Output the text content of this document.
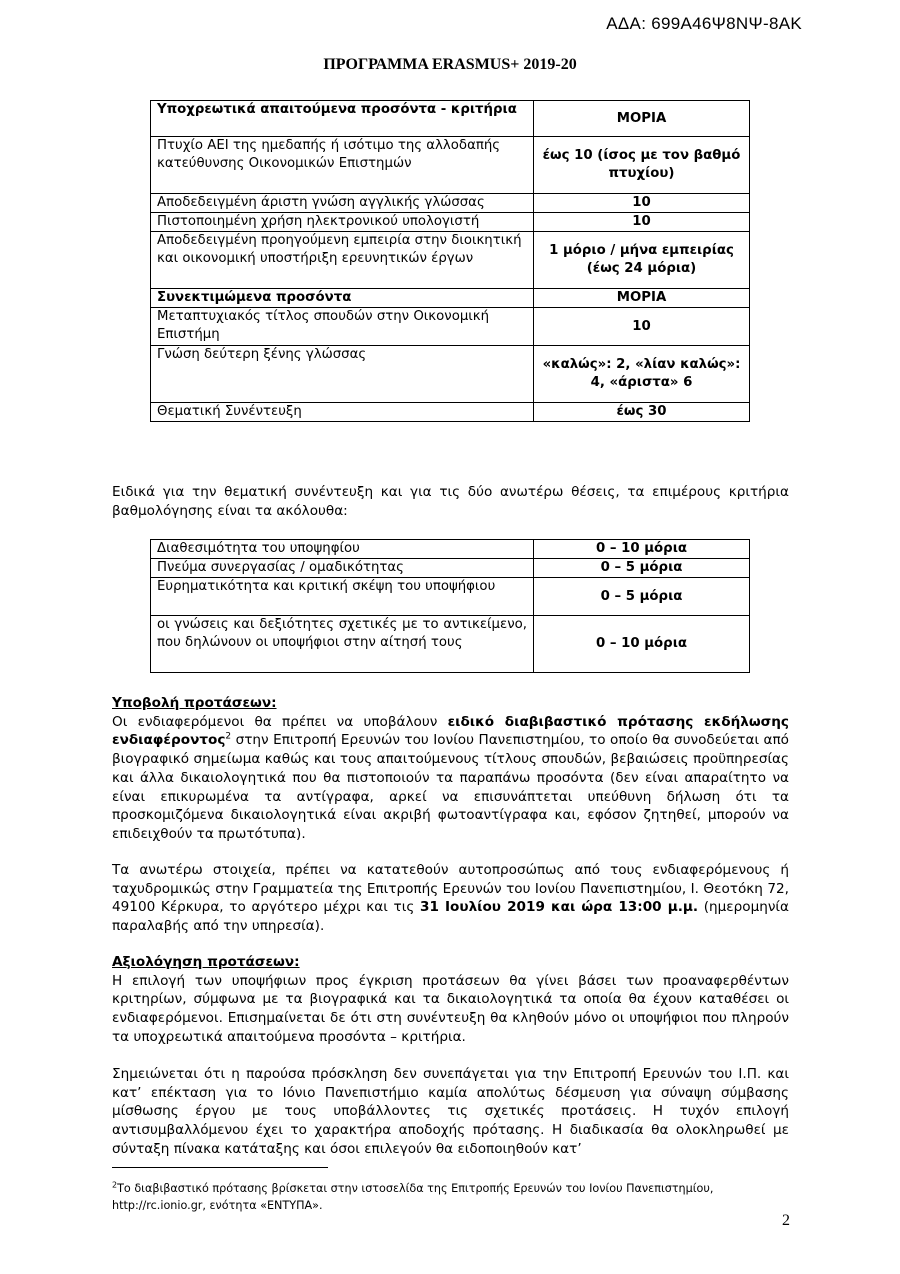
ΑΔΑ: 699Α46Ψ8ΝΨ-8ΑΚ
ΠΡΟΓΡΑΜΜΑ ERASMUS+ 2019-20
Υποχρεωτικά απαιτούμενα προσόντα - κριτήρια	ΜΟΡΙΑ
Πτυχίο ΑΕΙ της ημεδαπής ή ισότιμο της αλλοδαπής κατεύθυνσης Οικονομικών Επιστημών	έως 10 (ίσος με τον βαθμό πτυχίου)
Αποδεδειγμένη άριστη γνώση αγγλικής γλώσσας	10
Πιστοποιημένη χρήση ηλεκτρονικού υπολογιστή	10
Αποδεδειγμένη προηγούμενη εμπειρία στην διοικητική και οικονομική υποστήριξη ερευνητικών έργων	1 μόριο / μήνα εμπειρίας (έως 24 μόρια)
Συνεκτιμώμενα προσόντα	ΜΟΡΙΑ
Μεταπτυχιακός τίτλος σπουδών στην Οικονομική Επιστήμη	10
Γνώση δεύτερη ξένης γλώσσας	«καλώς»: 2, «λίαν καλώς»: 4, «άριστα» 6
Θεματική Συνέντευξη	έως 30
Ειδικά για την θεματική συνέντευξη και για τις δύο ανωτέρω θέσεις, τα επιμέρους κριτήρια βαθμολόγησης είναι τα ακόλουθα:
Διαθεσιμότητα του υποψηφίου	0 – 10 μόρια
Πνεύμα συνεργασίας / ομαδικότητας	0 – 5 μόρια
Ευρηματικότητα και κριτική σκέψη του υποψήφιου	0 – 5 μόρια
οι γνώσεις και δεξιότητες σχετικές με το αντικείμενο, που δηλώνουν οι υποψήφιοι στην αίτησή τους	0 – 10 μόρια
Υποβολή προτάσεων:
Οι ενδιαφερόμενοι θα πρέπει να υποβάλουν ειδικό διαβιβαστικό πρότασης εκδήλωσης ενδιαφέροντος$^2$ στην Επιτροπή Ερευνών του Ιονίου Πανεπιστημίου, το οποίο θα συνοδεύεται από βιογραφικό σημείωμα καθώς και τους απαιτούμενους τίτλους σπουδών, βεβαιώσεις προϋπηρεσίας και άλλα δικαιολογητικά που θα πιστοποιούν τα παραπάνω προσόντα (δεν είναι απαραίτητο να είναι επικυρωμένα τα αντίγραφα, αρκεί να επισυνάπτεται υπεύθυνη δήλωση ότι τα προσκομιζόμενα δικαιολογητικά είναι ακριβή φωτοαντίγραφα και, εφόσον ζητηθεί, μπορούν να επιδειχθούν τα πρωτότυπα).
Τα ανωτέρω στοιχεία, πρέπει να κατατεθούν αυτοπροσώπως από τους ενδιαφερόμενους ή ταχυδρομικώς στην Γραμματεία της Επιτροπής Ερευνών του Ιονίου Πανεπιστημίου, Ι. Θεοτόκη 72, 49100 Κέρκυρα, το αργότερο μέχρι και τις 31 Ιουλίου 2019 και ώρα 13:00 μ.μ. (ημερομηνία παραλαβής από την υπηρεσία).
Αξιολόγηση προτάσεων:
Η επιλογή των υποψήφιων προς έγκριση προτάσεων θα γίνει βάσει των προαναφερθέντων κριτηρίων, σύμφωνα με τα βιογραφικά και τα δικαιολογητικά τα οποία θα έχουν καταθέσει οι ενδιαφερόμενοι. Επισημαίνεται δε ότι στη συνέντευξη θα κληθούν μόνο οι υποψήφιοι που πληρούν τα υποχρεωτικά απαιτούμενα προσόντα – κριτήρια.
Σημειώνεται ότι η παρούσα πρόσκληση δεν συνεπάγεται για την Επιτροπή Ερευνών του Ι.Π. και κατ’ επέκταση για το Ιόνιο Πανεπιστήμιο καμία απολύτως δέσμευση για σύναψη σύμβασης μίσθωσης έργου με τους υποβάλλοντες τις σχετικές προτάσεις. Η τυχόν επιλογή αντισυμβαλλόμενου έχει το χαρακτήρα αποδοχής πρότασης. Η διαδικασία θα ολοκληρωθεί με σύνταξη πίνακα κατάταξης και όσοι επιλεγούν θα ειδοποιηθούν κατ’
$^2$Το διαβιβαστικό πρότασης βρίσκεται στην ιστοσελίδα της Επιτροπής Ερευνών του Ιονίου Πανεπιστημίου, http://rc.ionio.gr, ενότητα «ΕΝΤΥΠΑ».
2
